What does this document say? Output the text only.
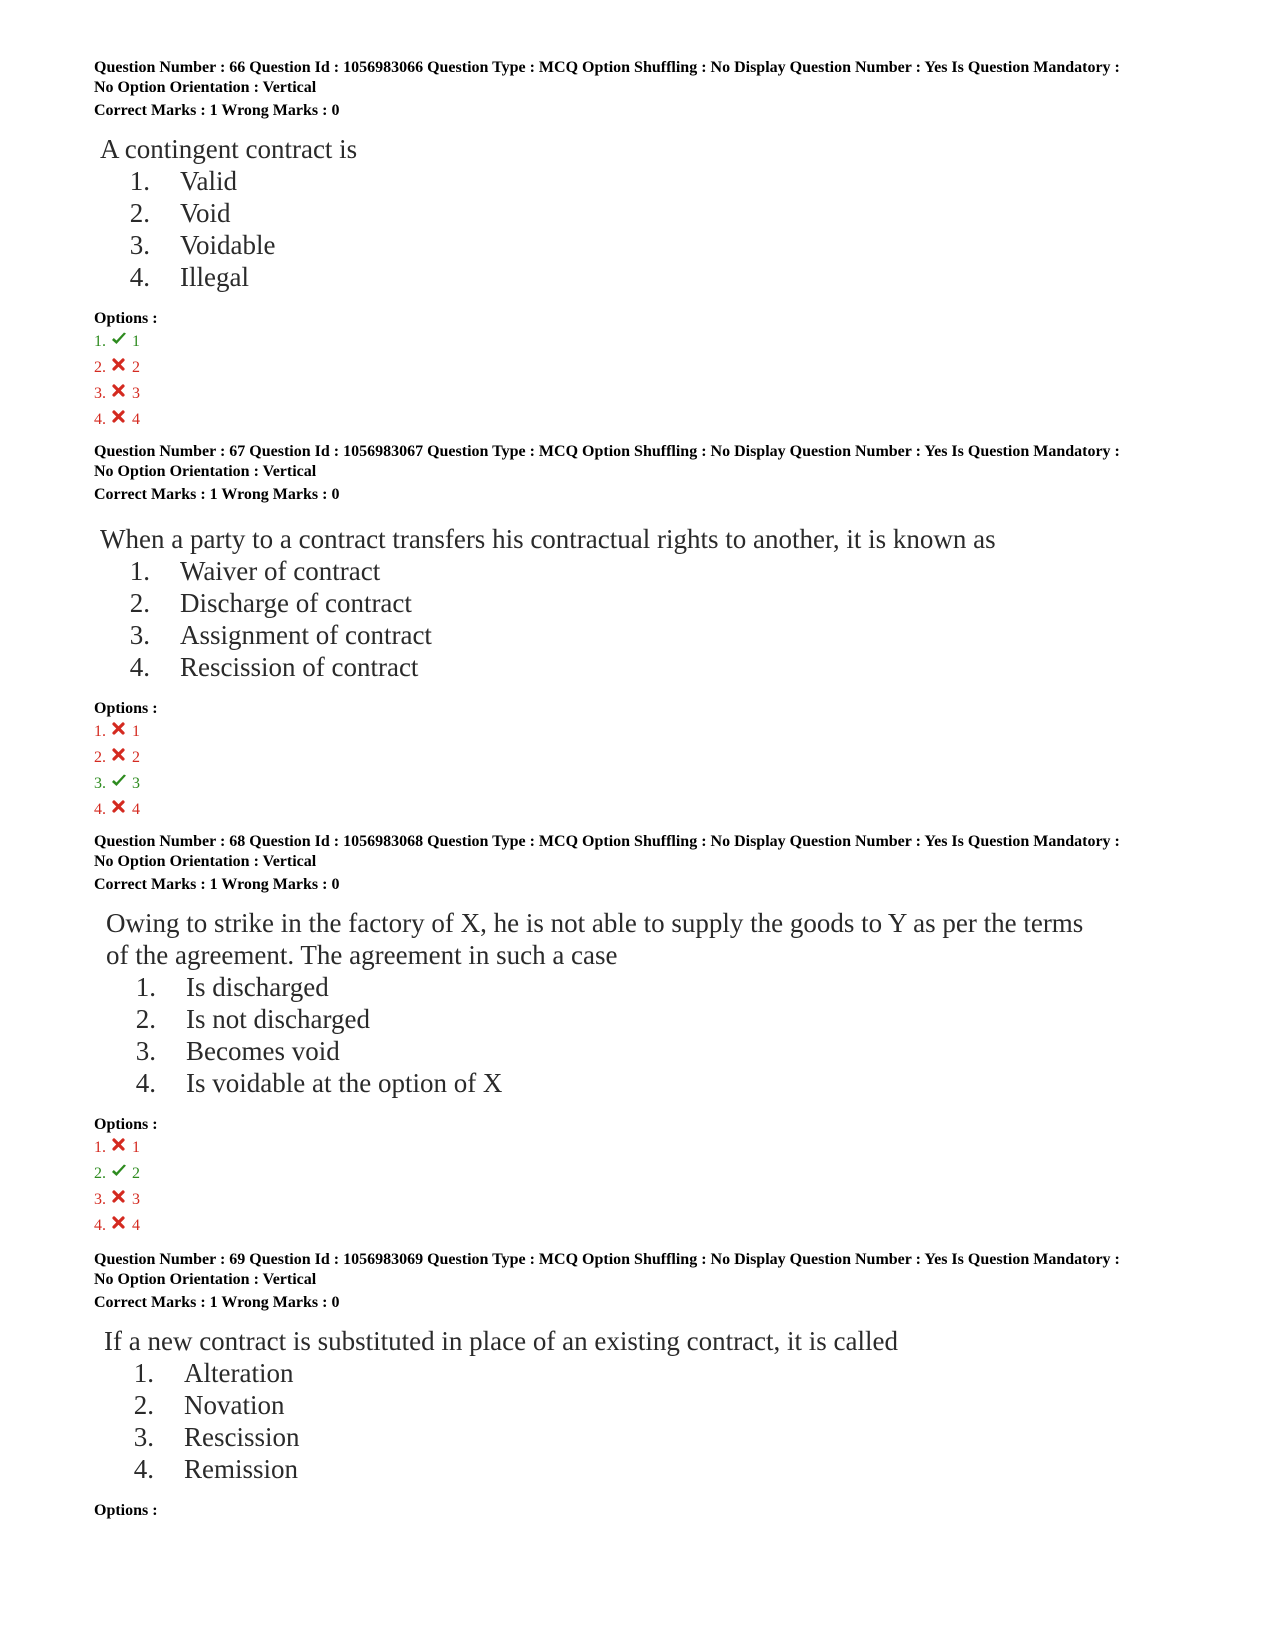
Question Number : 66 Question Id : 1056983066 Question Type : MCQ Option Shuffling : No Display Question Number : Yes Is Question Mandatory : No Option Orientation : Vertical
Correct Marks : 1 Wrong Marks : 0
A contingent contract is
1. Valid
2. Void
3. Voidable
4. Illegal
Options :
1. 1
2. 2
3. 3
4. 4
Question Number : 67 Question Id : 1056983067 Question Type : MCQ Option Shuffling : No Display Question Number : Yes Is Question Mandatory : No Option Orientation : Vertical
Correct Marks : 1 Wrong Marks : 0
When a party to a contract transfers his contractual rights to another, it is known as
1. Waiver of contract
2. Discharge of contract
3. Assignment of contract
4. Rescission of contract
Options :
1. 1
2. 2
3. 3
4. 4
Question Number : 68 Question Id : 1056983068 Question Type : MCQ Option Shuffling : No Display Question Number : Yes Is Question Mandatory : No Option Orientation : Vertical
Correct Marks : 1 Wrong Marks : 0
Owing to strike in the factory of X, he is not able to supply the goods to Y as per the terms of the agreement. The agreement in such a case
1. Is discharged
2. Is not discharged
3. Becomes void
4. Is voidable at the option of X
Options :
1. 1
2. 2
3. 3
4. 4
Question Number : 69 Question Id : 1056983069 Question Type : MCQ Option Shuffling : No Display Question Number : Yes Is Question Mandatory : No Option Orientation : Vertical
Correct Marks : 1 Wrong Marks : 0
If a new contract is substituted in place of an existing contract, it is called
1. Alteration
2. Novation
3. Rescission
4. Remission
Options :
